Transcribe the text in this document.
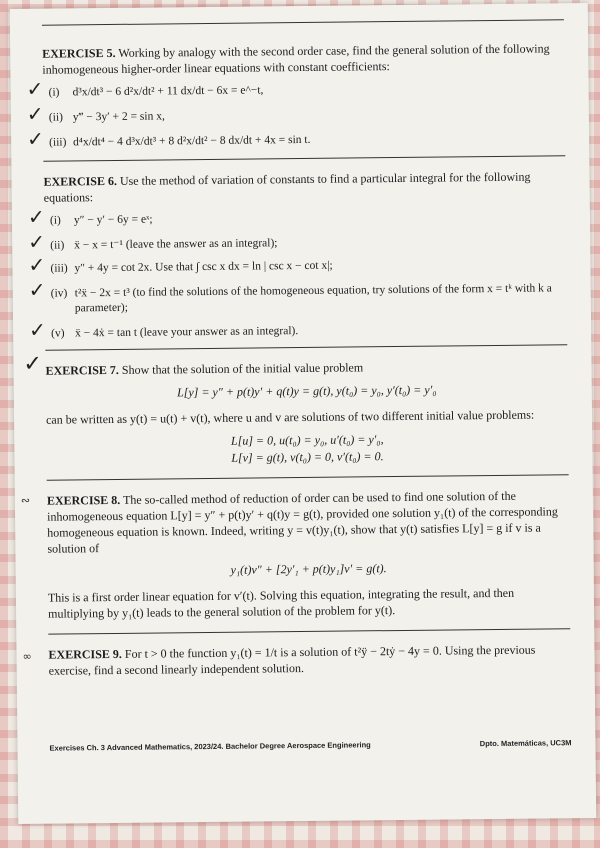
EXERCISE 5. Working by analogy with the second order case, find the general solution of the following inhomogeneous higher-order linear equations with constant coefficients:
✓ (i) d³x/dt³ − 6 d²x/dt² + 11 dx/dt − 6x = e^−t,
✓ (ii) y‴ − 3y′ + 2 = sin x,
✓ (iii) d⁴x/dt⁴ − 4 d³x/dt³ + 8 d²x/dt² − 8 dx/dt + 4x = sin t.
EXERCISE 6. Use the method of variation of constants to find a particular integral for the following equations:
✓ (i) y″ − y′ − 6y = eˣ;
✓ (ii) ẍ − x = t⁻¹ (leave the answer as an integral);
✓ (iii) y″ + 4y = cot 2x. Use that ∫ csc x dx = ln | csc x − cot x|;
✓ (iv) t²ẍ − 2x = t³ (to find the solutions of the homogeneous equation, try solutions of the form x = tᵏ with k a parameter);
✓ (v) ẍ − 4ẋ = tan t (leave your answer as an integral).
✓ EXERCISE 7. Show that the solution of the initial value problem
L[y] = y″ + p(t)y′ + q(t)y = g(t), y(t₀) = y₀, y′(t₀) = y′₀
can be written as y(t) = u(t) + v(t), where u and v are solutions of two different initial value problems:
L[u] = 0, u(t₀) = y₀, u′(t₀) = y′₀,
L[v] = g(t), v(t₀) = 0, v′(t₀) = 0.
∾ EXERCISE 8. The so-called method of reduction of order can be used to find one solution of the inhomogeneous equation L[y] = y″ + p(t)y′ + q(t)y = g(t), provided one solution y₁(t) of the corresponding homogeneous equation is known. Indeed, writing y = v(t)y₁(t), show that y(t) satisfies L[y] = g if v is a solution of
y₁(t)v″ + [2y′₁ + p(t)y₁]v′ = g(t).
This is a first order linear equation for v′(t). Solving this equation, integrating the result, and then multiplying by y₁(t) leads to the general solution of the problem for y(t).
∞ EXERCISE 9. For t > 0 the function y₁(t) = 1/t is a solution of t²ÿ − 2tẏ − 4y = 0. Using the previous exercise, find a second linearly independent solution.
Exercises Ch. 3 Advanced Mathematics, 2023/24. Bachelor Degree Aerospace Engineering	Dpto. Matemáticas, UC3M
